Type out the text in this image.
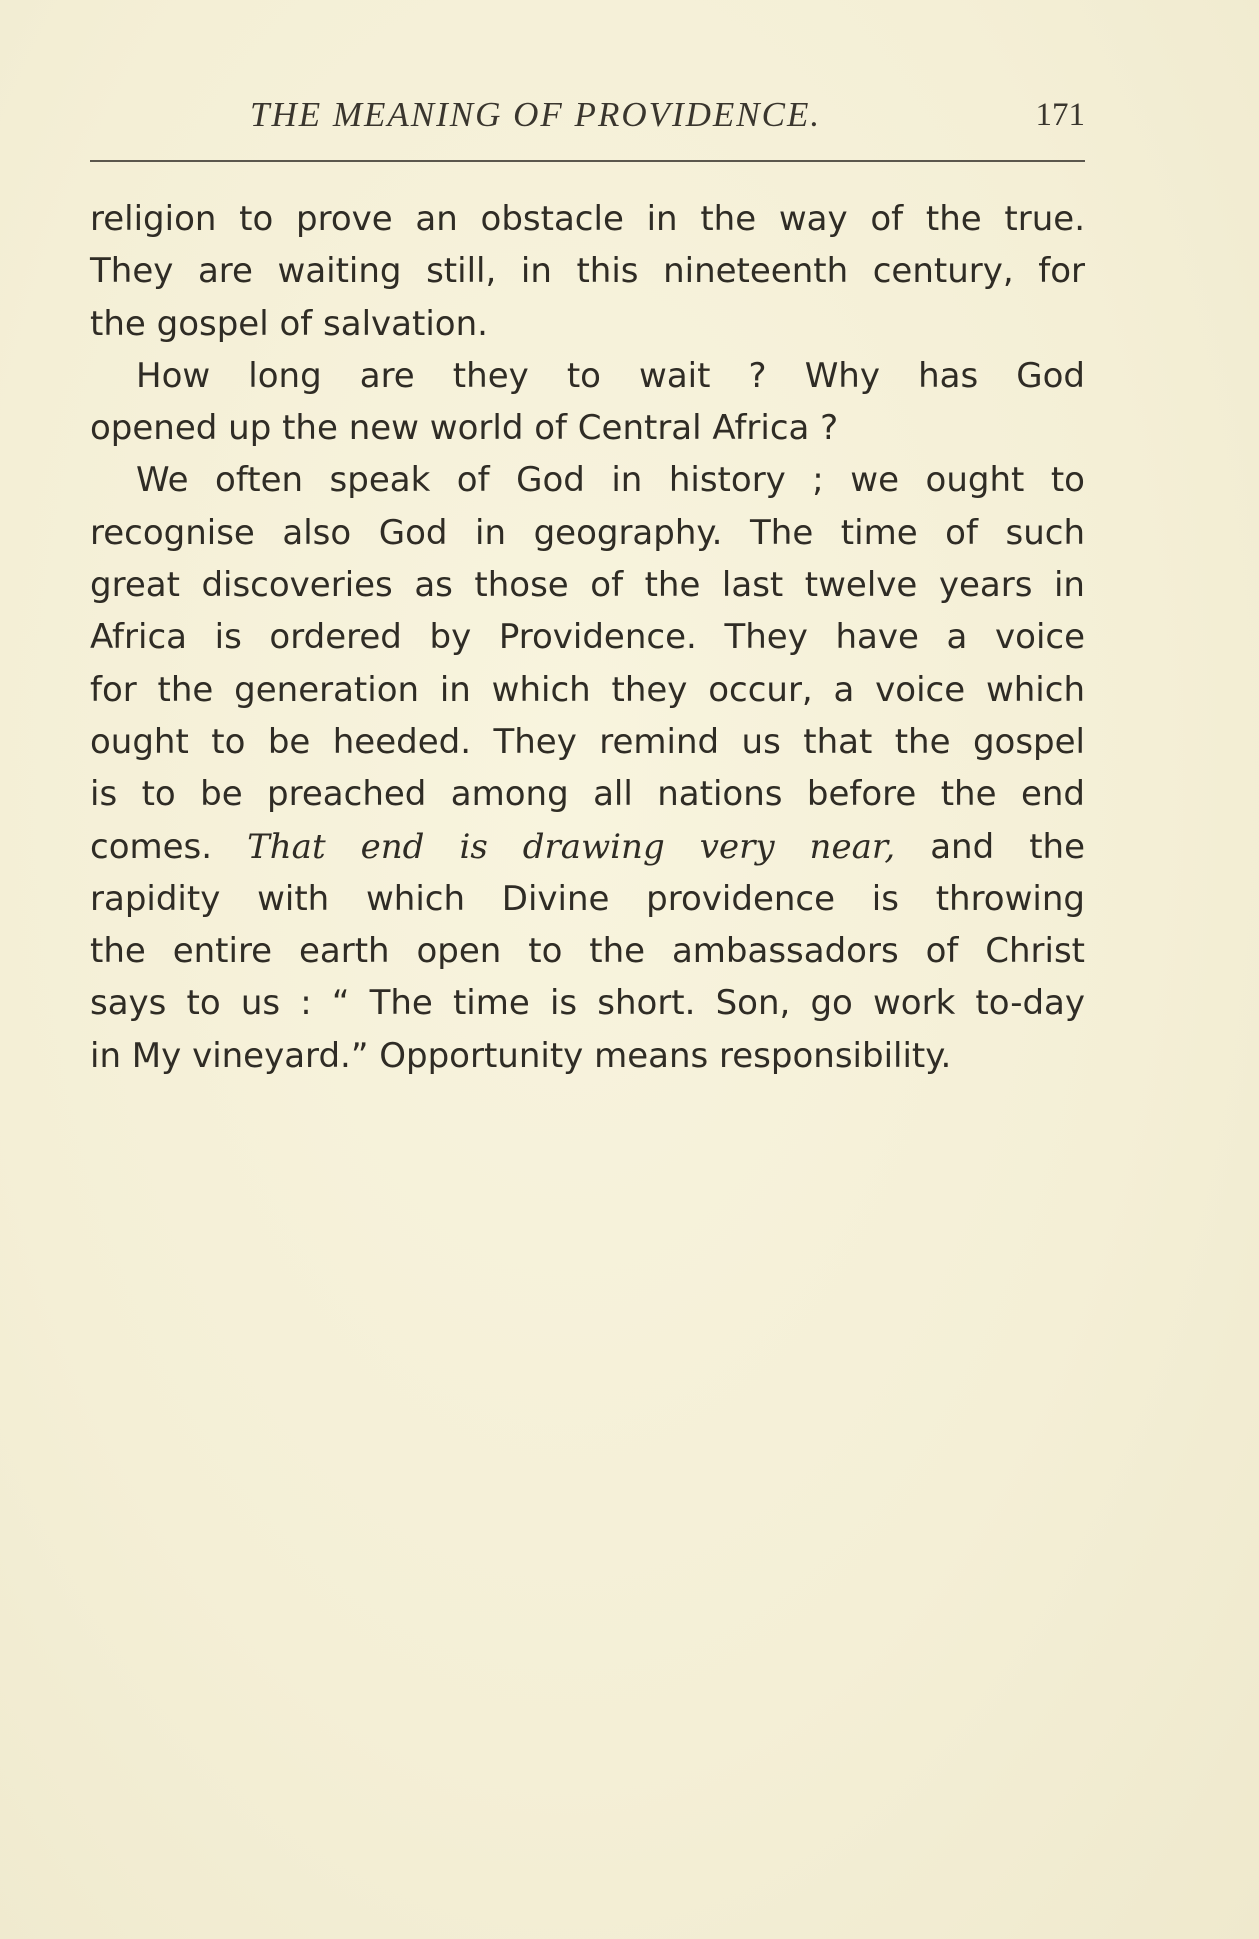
THE MEANING OF PROVIDENCE.	171
religion to prove an obstacle in the way of the true.
They are waiting still, in this nineteenth century, for
the gospel of salvation.
How long are they to wait ? Why has God
opened up the new world of Central Africa ?
We often speak of God in history ; we ought to
recognise also God in geography. The time of such
great discoveries as those of the last twelve years in
Africa is ordered by Providence. They have a voice
for the generation in which they occur, a voice which
ought to be heeded. They remind us that the gospel
is to be preached among all nations before the end
comes. That end is drawing very near, and the
rapidity with which Divine providence is throwing
the entire earth open to the ambassadors of Christ
says to us : “ The time is short. Son, go work to-day
in My vineyard.” Opportunity means responsibility.
